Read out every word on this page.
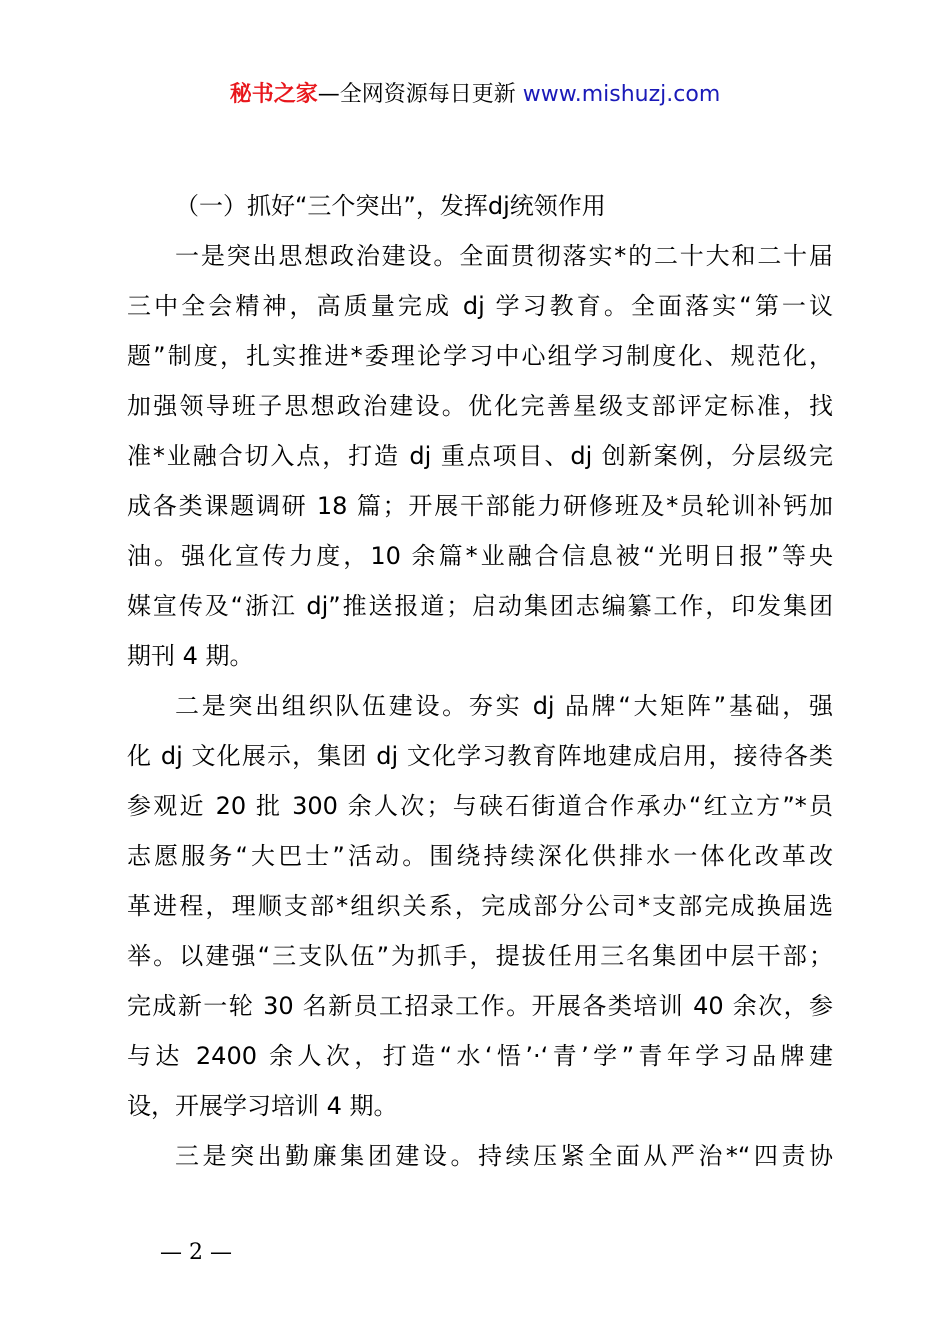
秘书之家—全网资源每日更新 www.mishuzj.com
（一）抓好“三个突出”，发挥dj统领作用
一是突出思想政治建设。全面贯彻落实*的二十大和二十届
三中全会精神，高质量完成 dj 学习教育。全面落实“第一议
题”制度，扎实推进*委理论学习中心组学习制度化、规范化，
加强领导班子思想政治建设。优化完善星级支部评定标准，找
准*业融合切入点，打造 dj 重点项目、dj 创新案例，分层级完
成各类课题调研 18 篇；开展干部能力研修班及*员轮训补钙加
油。强化宣传力度，10 余篇*业融合信息被“光明日报”等央
媒宣传及“浙江 dj”推送报道；启动集团志编纂工作，印发集团
期刊 4 期。
二是突出组织队伍建设。夯实 dj 品牌“大矩阵”基础，强
化 dj 文化展示，集团 dj 文化学习教育阵地建成启用，接待各类
参观近 20 批 300 余人次；与硖石街道合作承办“红立方”*员
志愿服务“大巴士”活动。围绕持续深化供排水一体化改革改
革进程，理顺支部*组织关系，完成部分公司*支部完成换届选
举。以建强“三支队伍”为抓手，提拔任用三名集团中层干部；
完成新一轮 30 名新员工招录工作。开展各类培训 40 余次，参
与达 2400 余人次，打造“水‘悟’·‘青’学”青年学习品牌建
设，开展学习培训 4 期。
三是突出勤廉集团建设。持续压紧全面从严治*“四责协
— 2 —
